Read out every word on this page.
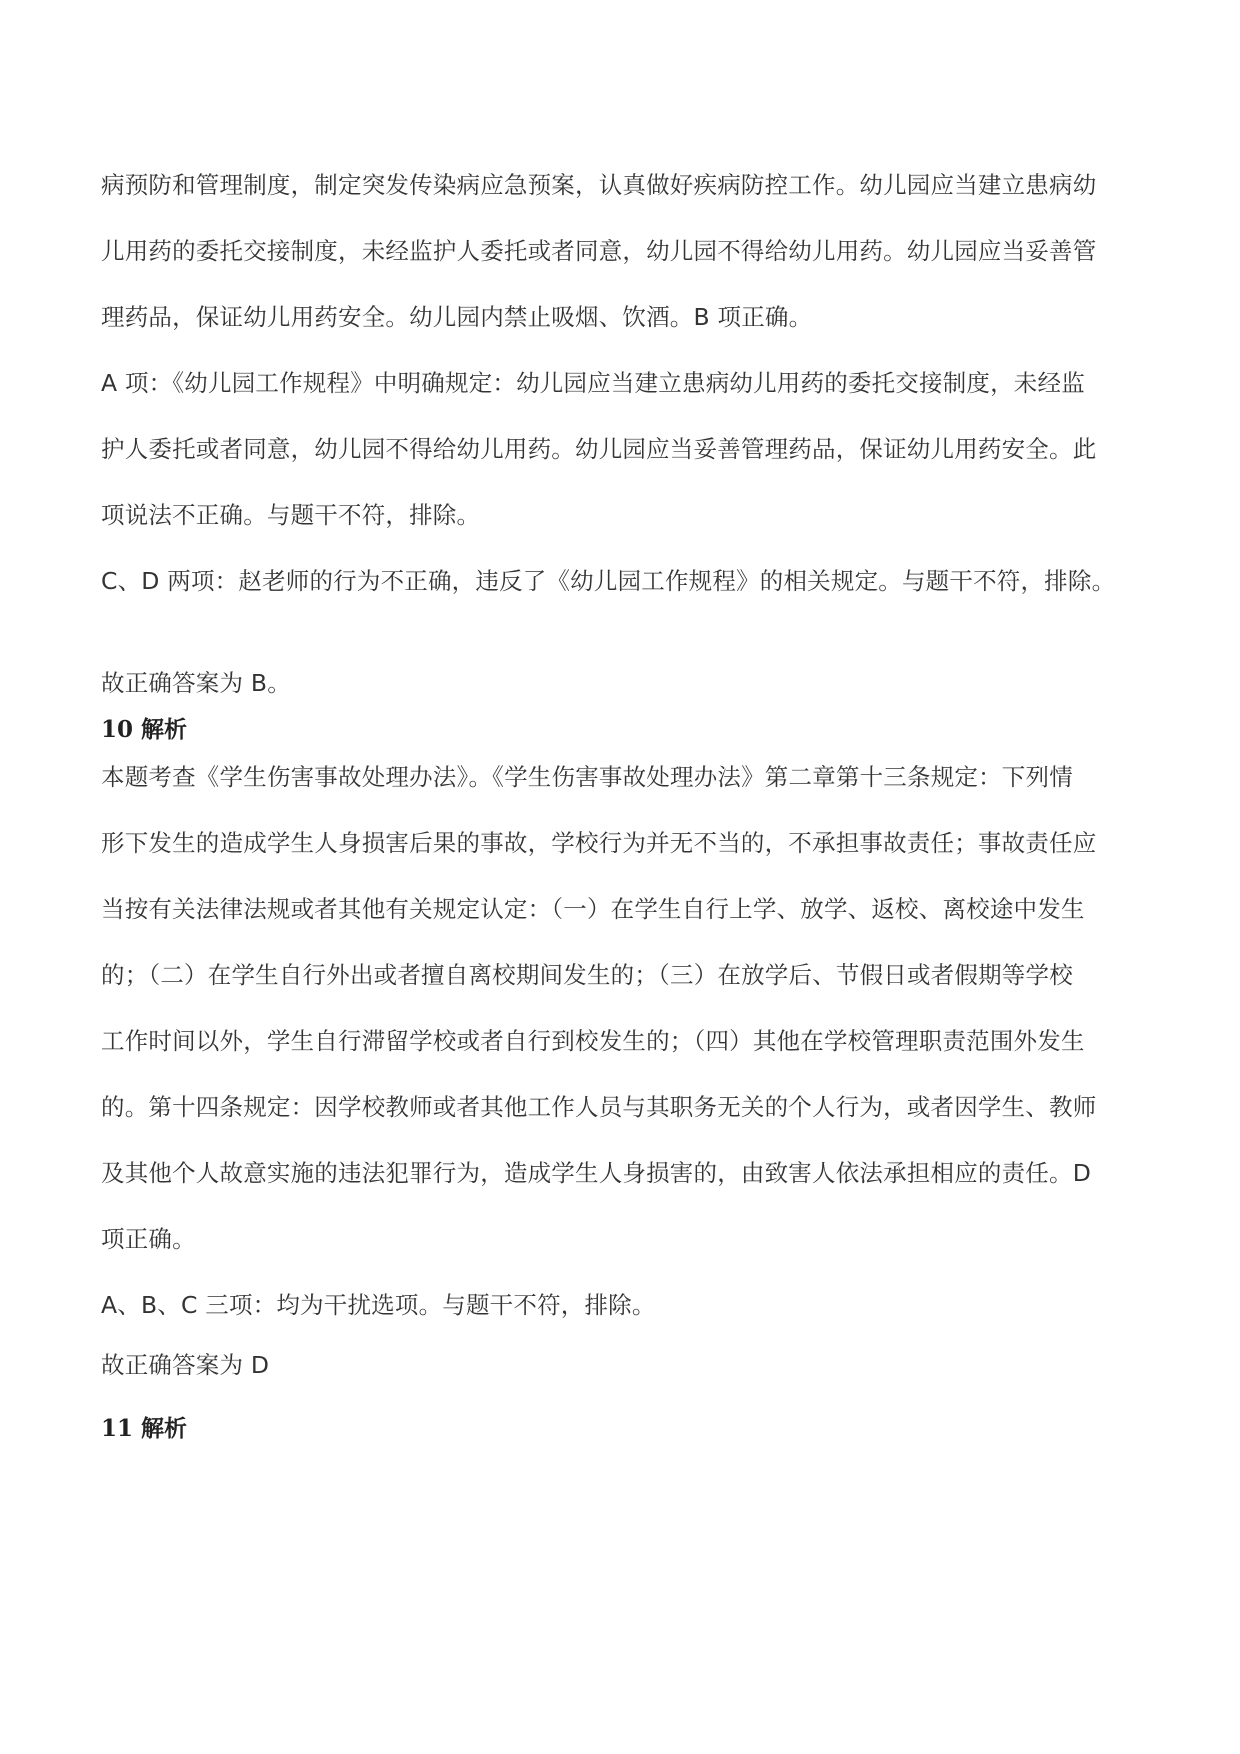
病预防和管理制度，制定突发传染病应急预案，认真做好疾病防控工作。幼儿园应当建立患病幼
儿用药的委托交接制度，未经监护人委托或者同意，幼儿园不得给幼儿用药。幼儿园应当妥善管
理药品，保证幼儿用药安全。幼儿园内禁止吸烟、饮酒。B 项正确。
A 项：《幼儿园工作规程》中明确规定：幼儿园应当建立患病幼儿用药的委托交接制度，未经监
护人委托或者同意，幼儿园不得给幼儿用药。幼儿园应当妥善管理药品，保证幼儿用药安全。此
项说法不正确。与题干不符，排除。
C、D 两项：赵老师的行为不正确，违反了《幼儿园工作规程》的相关规定。与题干不符，排除。
故正确答案为 B。
10 解析
本题考查《学生伤害事故处理办法》。《学生伤害事故处理办法》第二章第十三条规定：下列情
形下发生的造成学生人身损害后果的事故，学校行为并无不当的，不承担事故责任；事故责任应
当按有关法律法规或者其他有关规定认定：（一）在学生自行上学、放学、返校、离校途中发生
的；（二）在学生自行外出或者擅自离校期间发生的；（三）在放学后、节假日或者假期等学校
工作时间以外，学生自行滞留学校或者自行到校发生的；（四）其他在学校管理职责范围外发生
的。第十四条规定：因学校教师或者其他工作人员与其职务无关的个人行为，或者因学生、教师
及其他个人故意实施的违法犯罪行为，造成学生人身损害的，由致害人依法承担相应的责任。D
项正确。
A、B、C 三项：均为干扰选项。与题干不符，排除。
故正确答案为 D
11 解析
